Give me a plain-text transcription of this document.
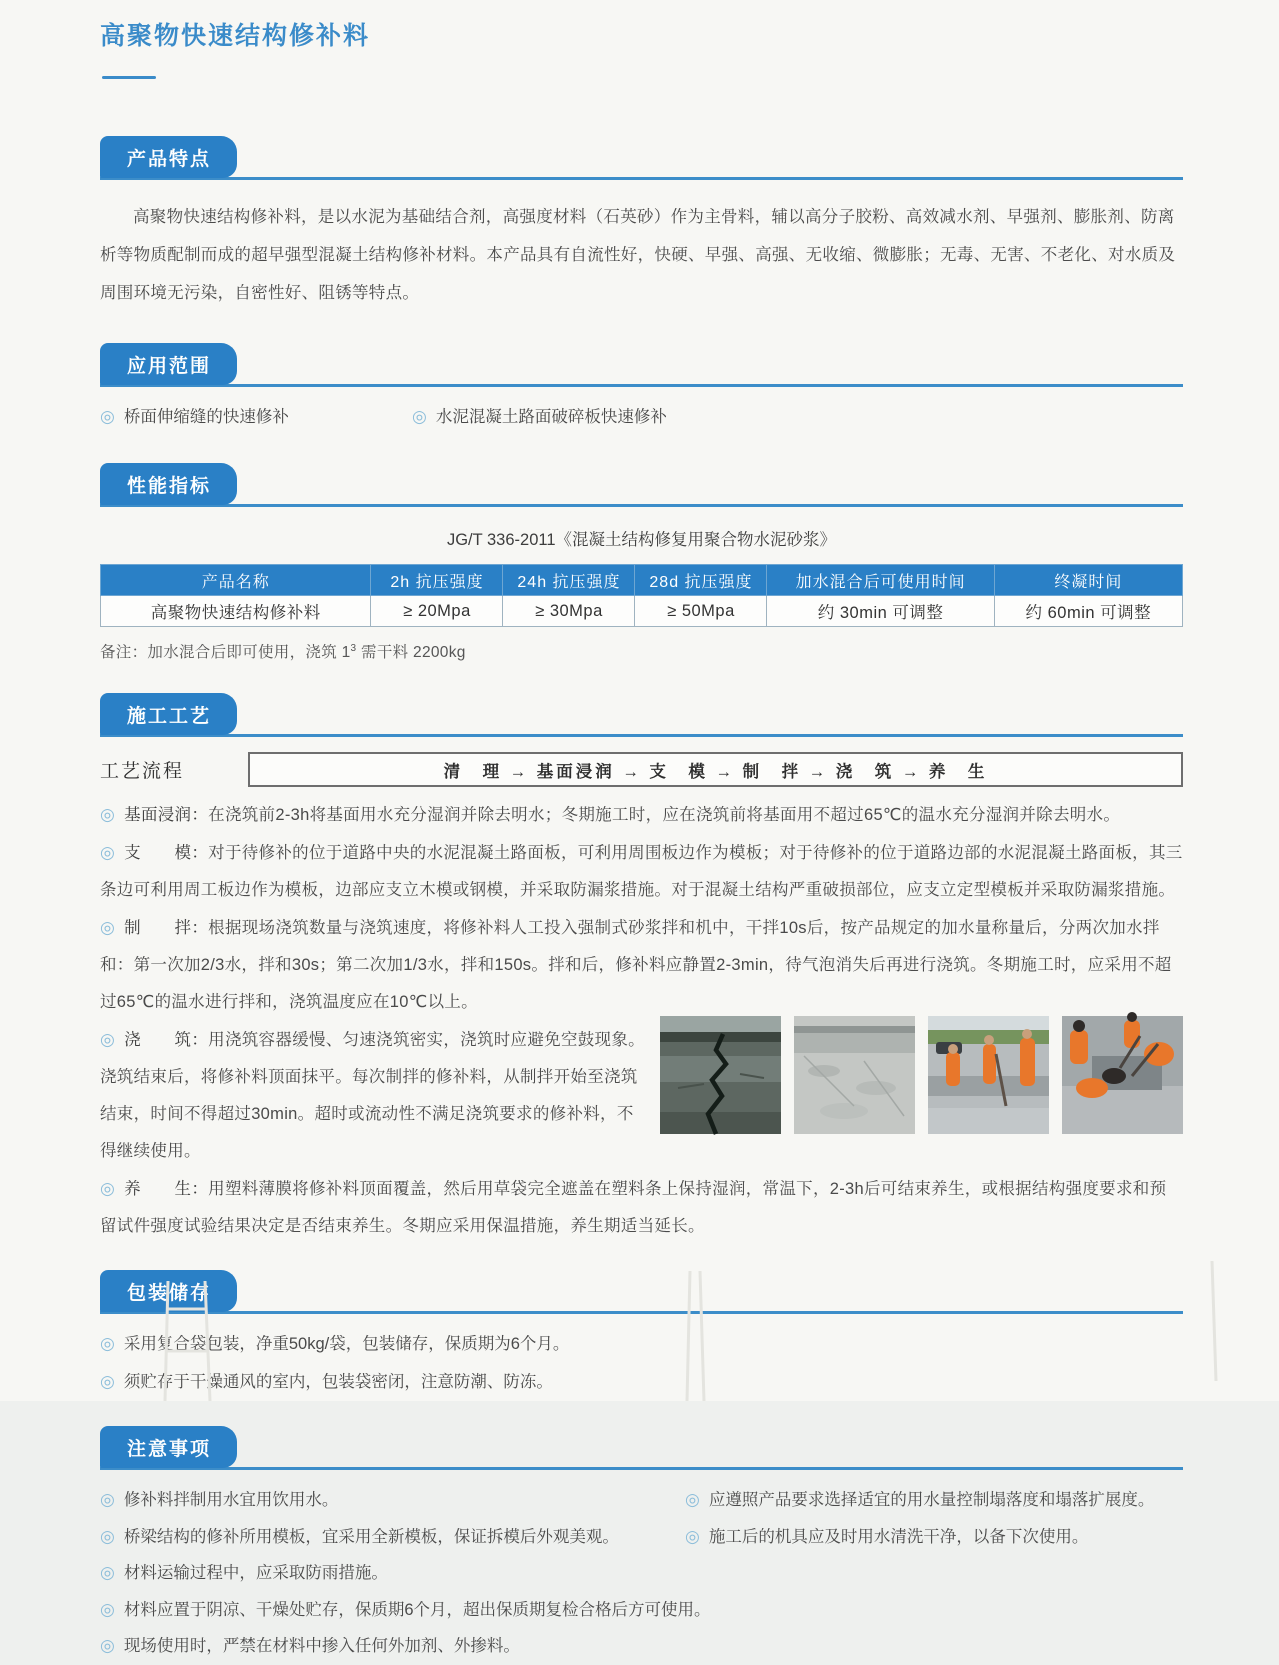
高聚物快速结构修补料
产品特点

高聚物快速结构修补料，是以水泥为基础结合剂，高强度材料（石英砂）作为主骨料，辅以高分子胶粉、高效减水剂、早强剂、膨胀剂、防离析等物质配制而成的超早强型混凝土结构修补材料。本产品具有自流性好，快硬、早强、高强、无收缩、微膨胀；无毒、无害、不老化、对水质及周围环境无污染，自密性好、阻锈等特点。

应用范围
◎ 桥面伸缩缝的快速修补	◎ 水泥混凝土路面破碎板快速修补
性能指标

JG/T 336-2011《混凝土结构修复用聚合物水泥砂浆》

产品名称	2h 抗压强度	24h 抗压强度	28d 抗压强度	加水混合后可使用时间	终凝时间
高聚物快速结构修补料	≥ 20Mpa	≥ 30Mpa	≥ 50Mpa	约 30min 可调整	约 60min 可调整

备注：加水混合后即可使用，浇筑 $1^3$ 需干料 2200kg

施工工艺
工艺流程	清　理 → 基面浸润 → 支　模 → 制　拌 → 浇　筑 → 养　生

◎ 基面浸润：在浇筑前2-3h将基面用水充分湿润并除去明水；冬期施工时，应在浇筑前将基面用不超过65℃的温水充分湿润并除去明水。

◎ 支　　模：对于待修补的位于道路中央的水泥混凝土路面板，可利用周围板边作为模板；对于待修补的位于道路边部的水泥混凝土路面板，其三条边可利用周工板边作为模板，边部应支立木模或钢模，并采取防漏浆措施。对于混凝土结构严重破损部位，应支立定型模板并采取防漏浆措施。

◎ 制　　拌：根据现场浇筑数量与浇筑速度，将修补料人工投入强制式砂浆拌和机中，干拌10s后，按产品规定的加水量称量后，分两次加水拌和：第一次加2/3水，拌和30s；第二次加1/3水，拌和150s。拌和后，修补料应静置2-3min，待气泡消失后再进行浇筑。冬期施工时，应采用不超过65℃的温水进行拌和，浇筑温度应在10℃以上。

◎ 浇　　筑：用浇筑容器缓慢、匀速浇筑密实，浇筑时应避免空鼓现象。浇筑结束后，将修补料顶面抹平。每次制拌的修补料，从制拌开始至浇筑结束，时间不得超过30min。超时或流动性不满足浇筑要求的修补料，不得继续使用。

◎ 养　　生：用塑料薄膜将修补料顶面覆盖，然后用草袋完全遮盖在塑料条上保持湿润，常温下，2-3h后可结束养生，或根据结构强度要求和预留试件强度试验结果决定是否结束养生。冬期应采用保温措施，养生期适当延长。

包装储存

◎ 采用复合袋包装，净重50kg/袋，包装储存，保质期为6个月。

◎ 须贮存于干燥通风的室内，包装袋密闭，注意防潮、防冻。

注意事项

◎ 修补料拌制用水宜用饮用水。	◎ 应遵照产品要求选择适宜的用水量控制塌落度和塌落扩展度。

◎ 桥梁结构的修补所用模板，宜采用全新模板，保证拆模后外观美观。	◎ 施工后的机具应及时用水清洗干净，以备下次使用。

◎ 材料运输过程中，应采取防雨措施。

◎ 材料应置于阴凉、干燥处贮存，保质期6个月，超出保质期复检合格后方可使用。

◎ 现场使用时，严禁在材料中掺入任何外加剂、外掺料。
